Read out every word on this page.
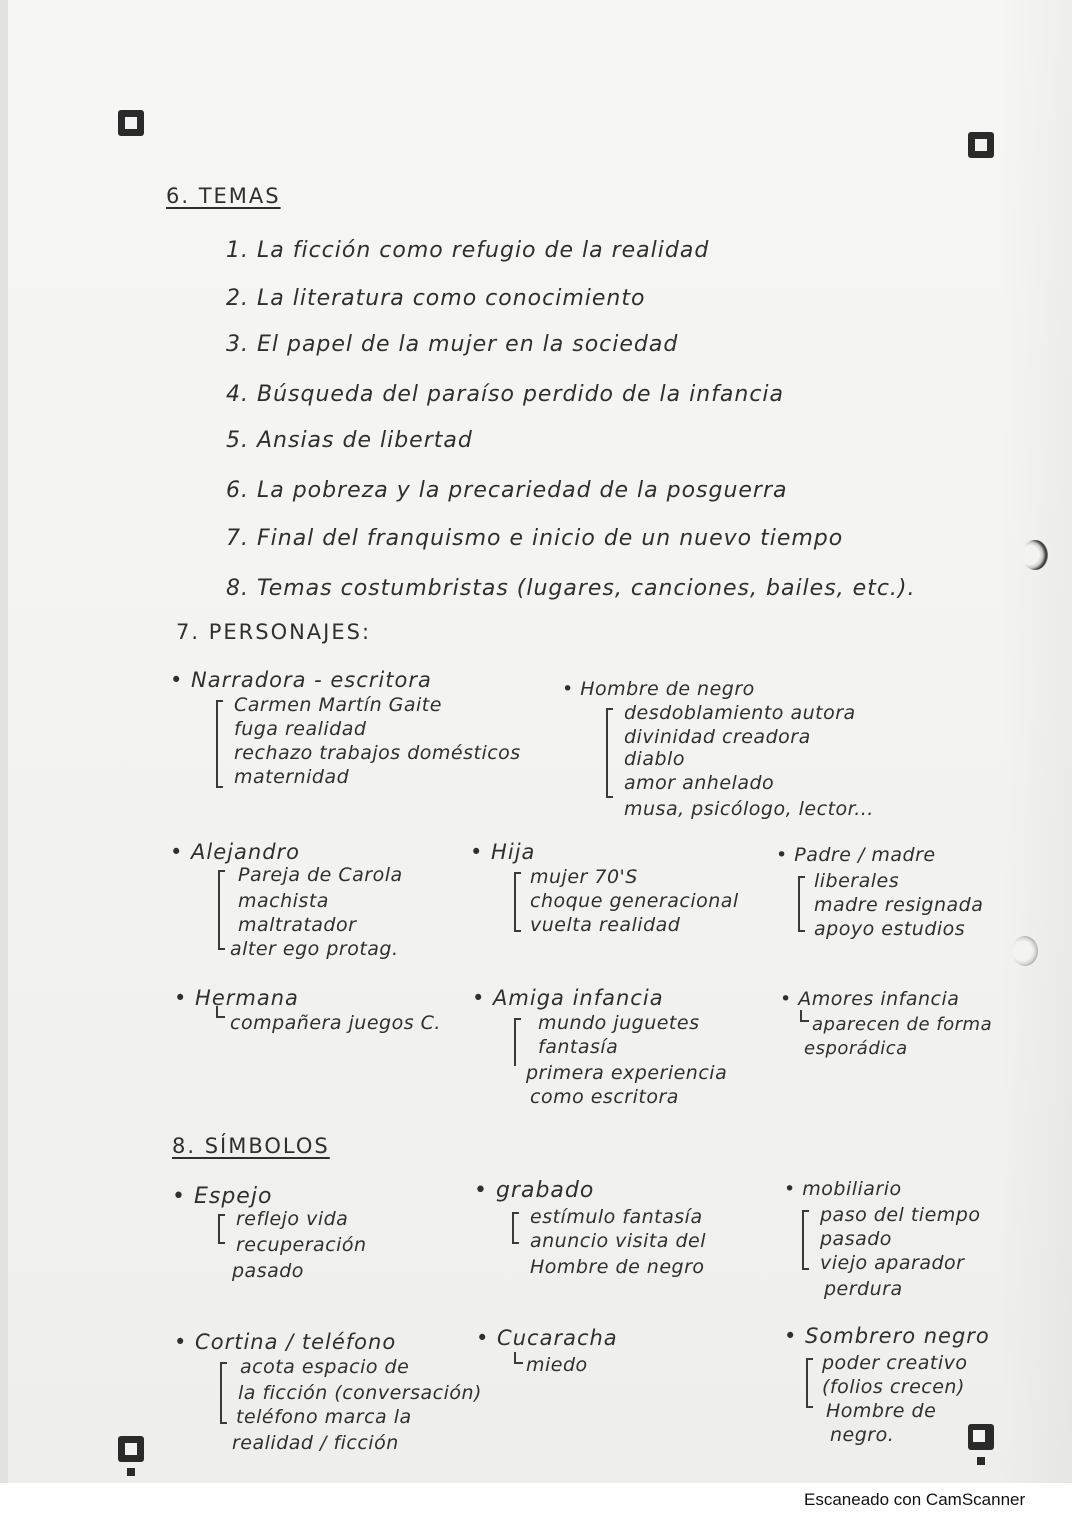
6. TEMAS
1. La ficción como refugio de la realidad
2. La literatura como conocimiento
3. El papel de la mujer en la sociedad
4. Búsqueda del paraíso perdido de la infancia
5. Ansias de libertad
6. La pobreza y la precariedad de la posguerra
7. Final del franquismo e inicio de un nuevo tiempo
8. Temas costumbristas (lugares, canciones, bailes, etc.).
7. PERSONAJES:
• Narradora - escritora
Carmen Martín Gaite
fuga realidad
rechazo trabajos domésticos
maternidad
• Hombre de negro
desdoblamiento autora
divinidad creadora
diablo
amor anhelado
musa, psicólogo, lector...
• Alejandro
Pareja de Carola
machista
maltratador
alter ego protag.
• Hija
mujer 70'S
choque generacional
vuelta realidad
• Padre / madre
liberales
madre resignada
apoyo estudios
• Hermana
compañera juegos C.
• Amiga infancia
mundo juguetes
fantasía
primera experiencia
como escritora
• Amores infancia
aparecen de forma
esporádica
8. SÍMBOLOS
• Espejo
reflejo vida
recuperación
pasado
• grabado
estímulo fantasía
anuncio visita del
Hombre de negro
• mobiliario
paso del tiempo
pasado
viejo aparador
perdura
• Cortina / teléfono
acota espacio de
la ficción (conversación)
teléfono marca la
realidad / ficción
• Cucaracha
miedo
• Sombrero negro
poder creativo
(folios crecen)
Hombre de
negro.
Escaneado con CamScanner
